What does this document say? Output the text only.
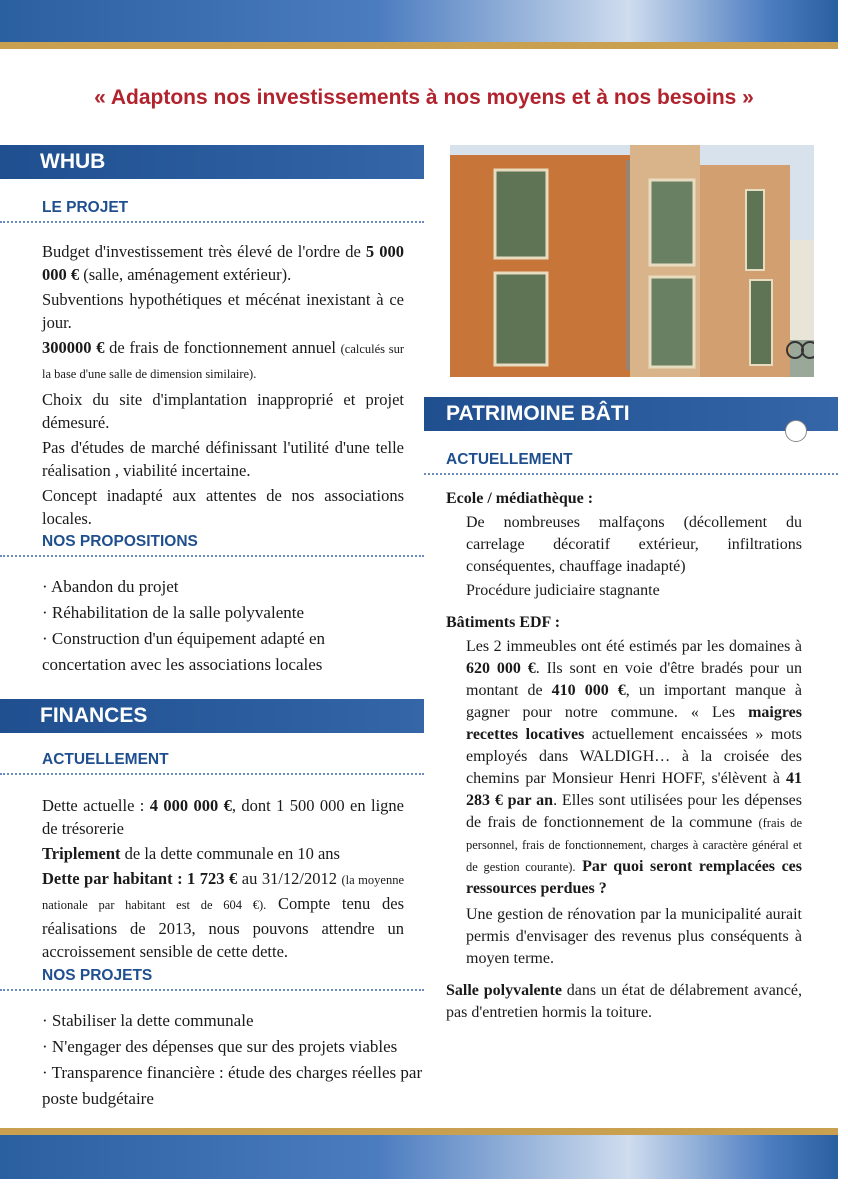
« Adaptons nos investissements à nos moyens et à nos besoins »
WHUB
LE PROJET

Budget d'investissement très élevé de l'ordre de 5 000 000 € (salle, aménagement extérieur).

Subventions hypothétiques et mécénat inexistant à ce jour.

300000 € de frais de fonctionnement annuel (calculés sur la base d'une salle de dimension similaire).

Choix du site d'implantation inapproprié et projet démesuré.

Pas d'études de marché définissant l'utilité d'une telle réalisation , viabilité incertaine.

Concept inadapté aux attentes de nos associations locales.

NOS PROPOSITIONS
· Abandon du projet
· Réhabilitation de la salle polyvalente
· Construction d'un équipement adapté en concertation avec les associations locales
FINANCES
ACTUELLEMENT

Dette actuelle : 4 000 000 €, dont 1 500 000 en ligne de trésorerie

Triplement de la dette communale en 10 ans

Dette par habitant : 1 723 € au 31/12/2012 (la moyenne nationale par habitant est de 604 €). Compte tenu des réalisations de 2013, nous pouvons attendre un accroissement sensible de cette dette.

NOS PROJETS
· Stabiliser la dette communale
· N'engager des dépenses que sur des projets viables
· Transparence financière : étude des charges réelles par poste budgétaire
PATRIMOINE BÂTI
ACTUELLEMENT

Ecole / médiathèque :

De nombreuses malfaçons (décollement du carrelage décoratif extérieur, infiltrations conséquentes, chauffage inadapté)

Procédure judiciaire stagnante

Bâtiments EDF :

Les 2 immeubles ont été estimés par les domaines à 620 000 €. Ils sont en voie d'être bradés pour un montant de 410 000 €, un important manque à gagner pour notre commune. « Les maigres recettes locatives actuellement encaissées » mots employés dans WALDIGH… à la croisée des chemins par Monsieur Henri HOFF, s'élèvent à 41 283 € par an. Elles sont utilisées pour les dépenses de frais de fonctionnement de la commune (frais de personnel, frais de fonctionnement, charges à caractère général et de gestion courante). Par quoi seront remplacées ces ressources perdues ?

Une gestion de rénovation par la municipalité aurait permis d'envisager des revenus plus conséquents à moyen terme.

Salle polyvalente dans un état de délabrement avancé, pas d'entretien hormis la toiture.
